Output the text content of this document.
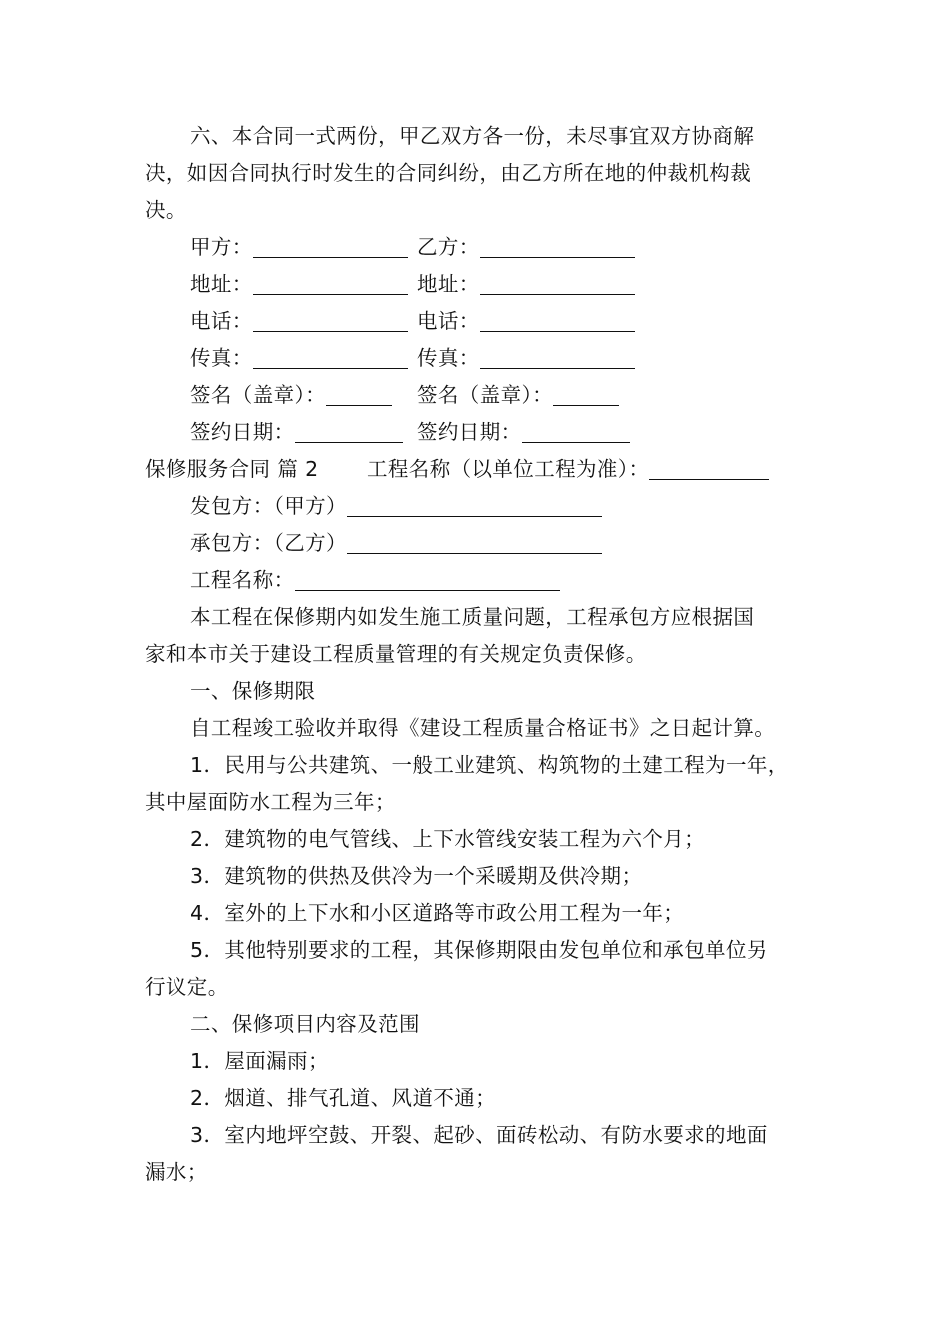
六、本合同一式两份，甲乙双方各一份，未尽事宜双方协商解
决，如因合同执行时发生的合同纠纷，由乙方所在地的仲裁机构裁
决。
甲方：	乙方：
地址：	地址：
电话：	电话：
传真：	传真：
签名（盖章）：	签名（盖章）：
签约日期：	签约日期：
保修服务合同 篇 2 工程名称（以单位工程为准）：
发包方：（甲方）
承包方：（乙方）
工程名称：
本工程在保修期内如发生施工质量问题，工程承包方应根据国
家和本市关于建设工程质量管理的有关规定负责保修。
一、保修期限
自工程竣工验收并取得《建设工程质量合格证书》之日起计算。
1．民用与公共建筑、一般工业建筑、构筑物的土建工程为一年，
其中屋面防水工程为三年；
2．建筑物的电气管线、上下水管线安装工程为六个月；
3．建筑物的供热及供冷为一个采暖期及供冷期；
4．室外的上下水和小区道路等市政公用工程为一年；
5．其他特别要求的工程，其保修期限由发包单位和承包单位另
行议定。
二、保修项目内容及范围
1．屋面漏雨；
2．烟道、排气孔道、风道不通；
3．室内地坪空鼓、开裂、起砂、面砖松动、有防水要求的地面
漏水；
